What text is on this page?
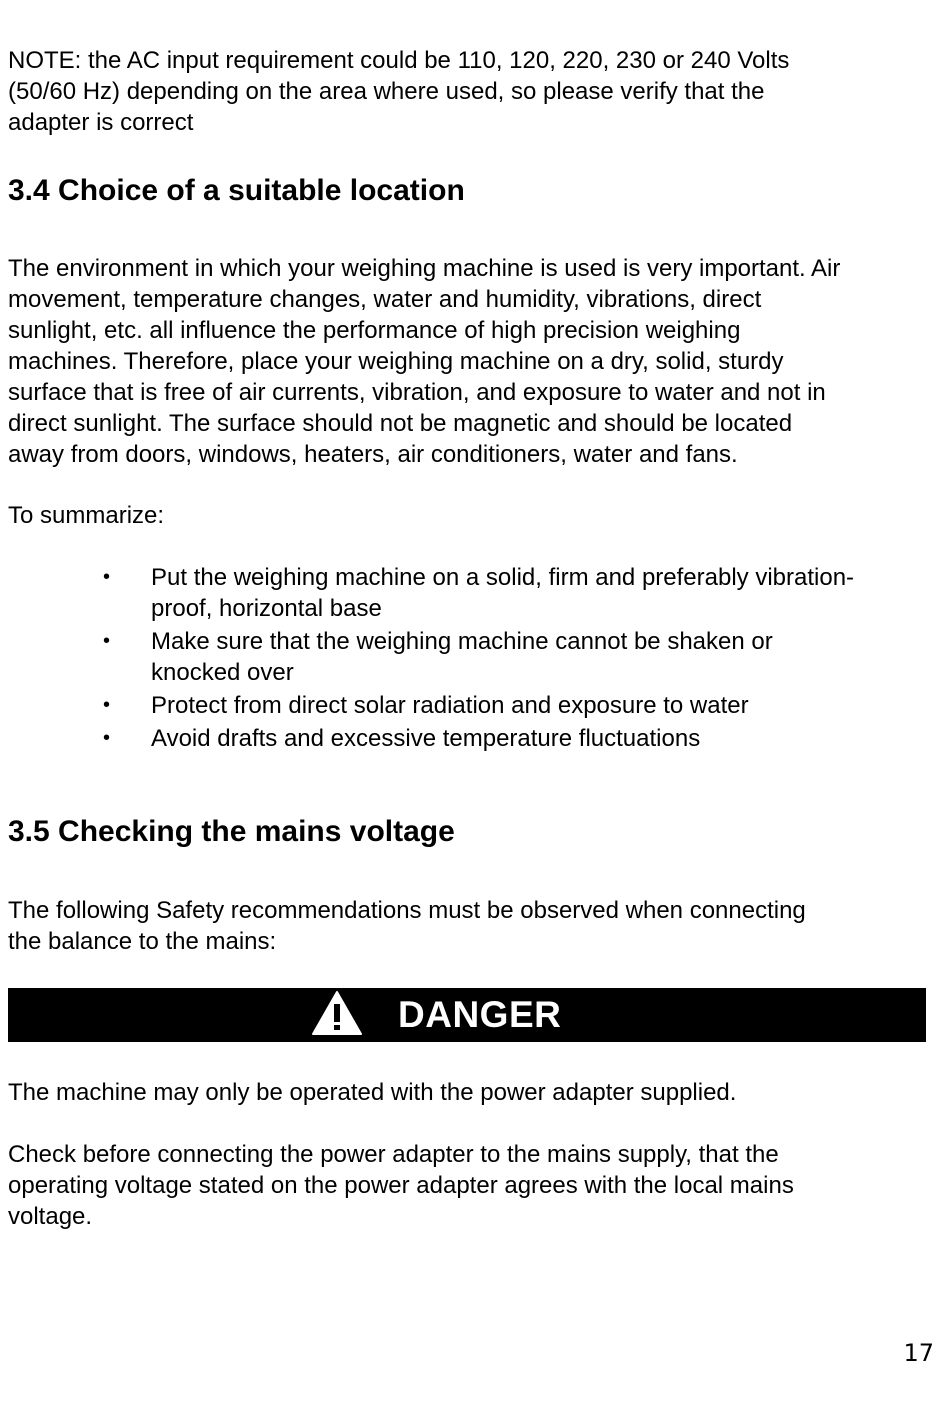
NOTE: the AC input requirement could be 110, 120, 220, 230 or 240 Volts
(50/60 Hz) depending on the area where used, so please verify that the
adapter is correct

3.4 Choice of a suitable location

The environment in which your weighing machine is used is very important. Air
movement, temperature changes, water and humidity, vibrations, direct
sunlight, etc. all influence the performance of high precision weighing
machines. Therefore, place your weighing machine on a dry, solid, sturdy
surface that is free of air currents, vibration, and exposure to water and not in
direct sunlight. The surface should not be magnetic and should be located
away from doors, windows, heaters, air conditioners, water and fans.

To summarize:

• Put the weighing machine on a solid, firm and preferably vibration-
proof, horizontal base
• Make sure that the weighing machine cannot be shaken or
knocked over
• Protect from direct solar radiation and exposure to water
• Avoid drafts and excessive temperature fluctuations
3.5 Checking the mains voltage

The following Safety recommendations must be observed when connecting
the balance to the mains:

DANGER

The machine may only be operated with the power adapter supplied.

Check before connecting the power adapter to the mains supply, that the
operating voltage stated on the power adapter agrees with the local mains
voltage.

17
